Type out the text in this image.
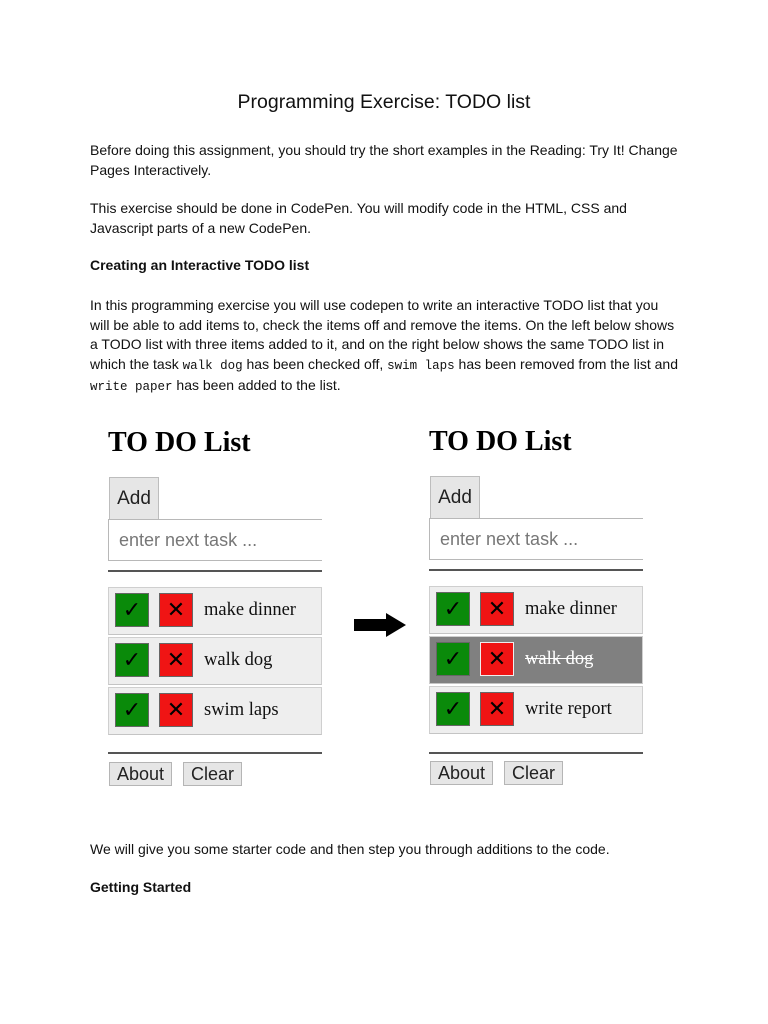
Programming Exercise: TODO list
Before doing this assignment, you should try the short examples in the Reading: Try It! Change Pages Interactively.
This exercise should be done in CodePen. You will modify code in the HTML, CSS and Javascript parts of a new CodePen.
Creating an Interactive TODO list
In this programming exercise you will use codepen to write an interactive TODO list that you will be able to add items to, check the items off and remove the items. On the left below shows a TODO list with three items added to it, and on the right below shows the same TODO list in which the task walk dog has been checked off, swim laps has been removed from the list and write paper has been added to the list.
TO DO List
Add
enter next task ...
✓	✕	make dinner
✓	✕	walk dog
✓	✕	swim laps
About	Clear
TO DO List
Add
enter next task ...
✓	✕	make dinner
✓	✕	walk dog
✓	✕	write report
About	Clear
We will give you some starter code and then step you through additions to the code.
Getting Started
